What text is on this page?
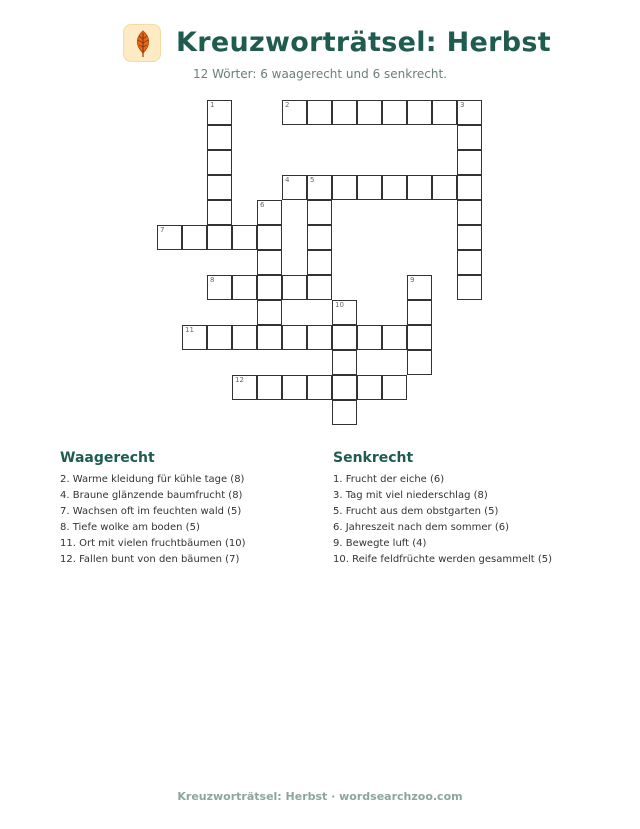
Kreuzworträtsel: Herbst
12 Wörter: 6 waagerecht und 6 senkrecht.
1	2	3
4	5
6
7
8	9
10
11
12
Waagerecht
2. Warme kleidung für kühle tage (8)
4. Braune glänzende baumfrucht (8)
7. Wachsen oft im feuchten wald (5)
8. Tiefe wolke am boden (5)
11. Ort mit vielen fruchtbäumen (10)
12. Fallen bunt von den bäumen (7)
Senkrecht
1. Frucht der eiche (6)
3. Tag mit viel niederschlag (8)
5. Frucht aus dem obstgarten (5)
6. Jahreszeit nach dem sommer (6)
9. Bewegte luft (4)
10. Reife feldfrüchte werden gesammelt (5)
Kreuzworträtsel: Herbst · wordsearchzoo.com
